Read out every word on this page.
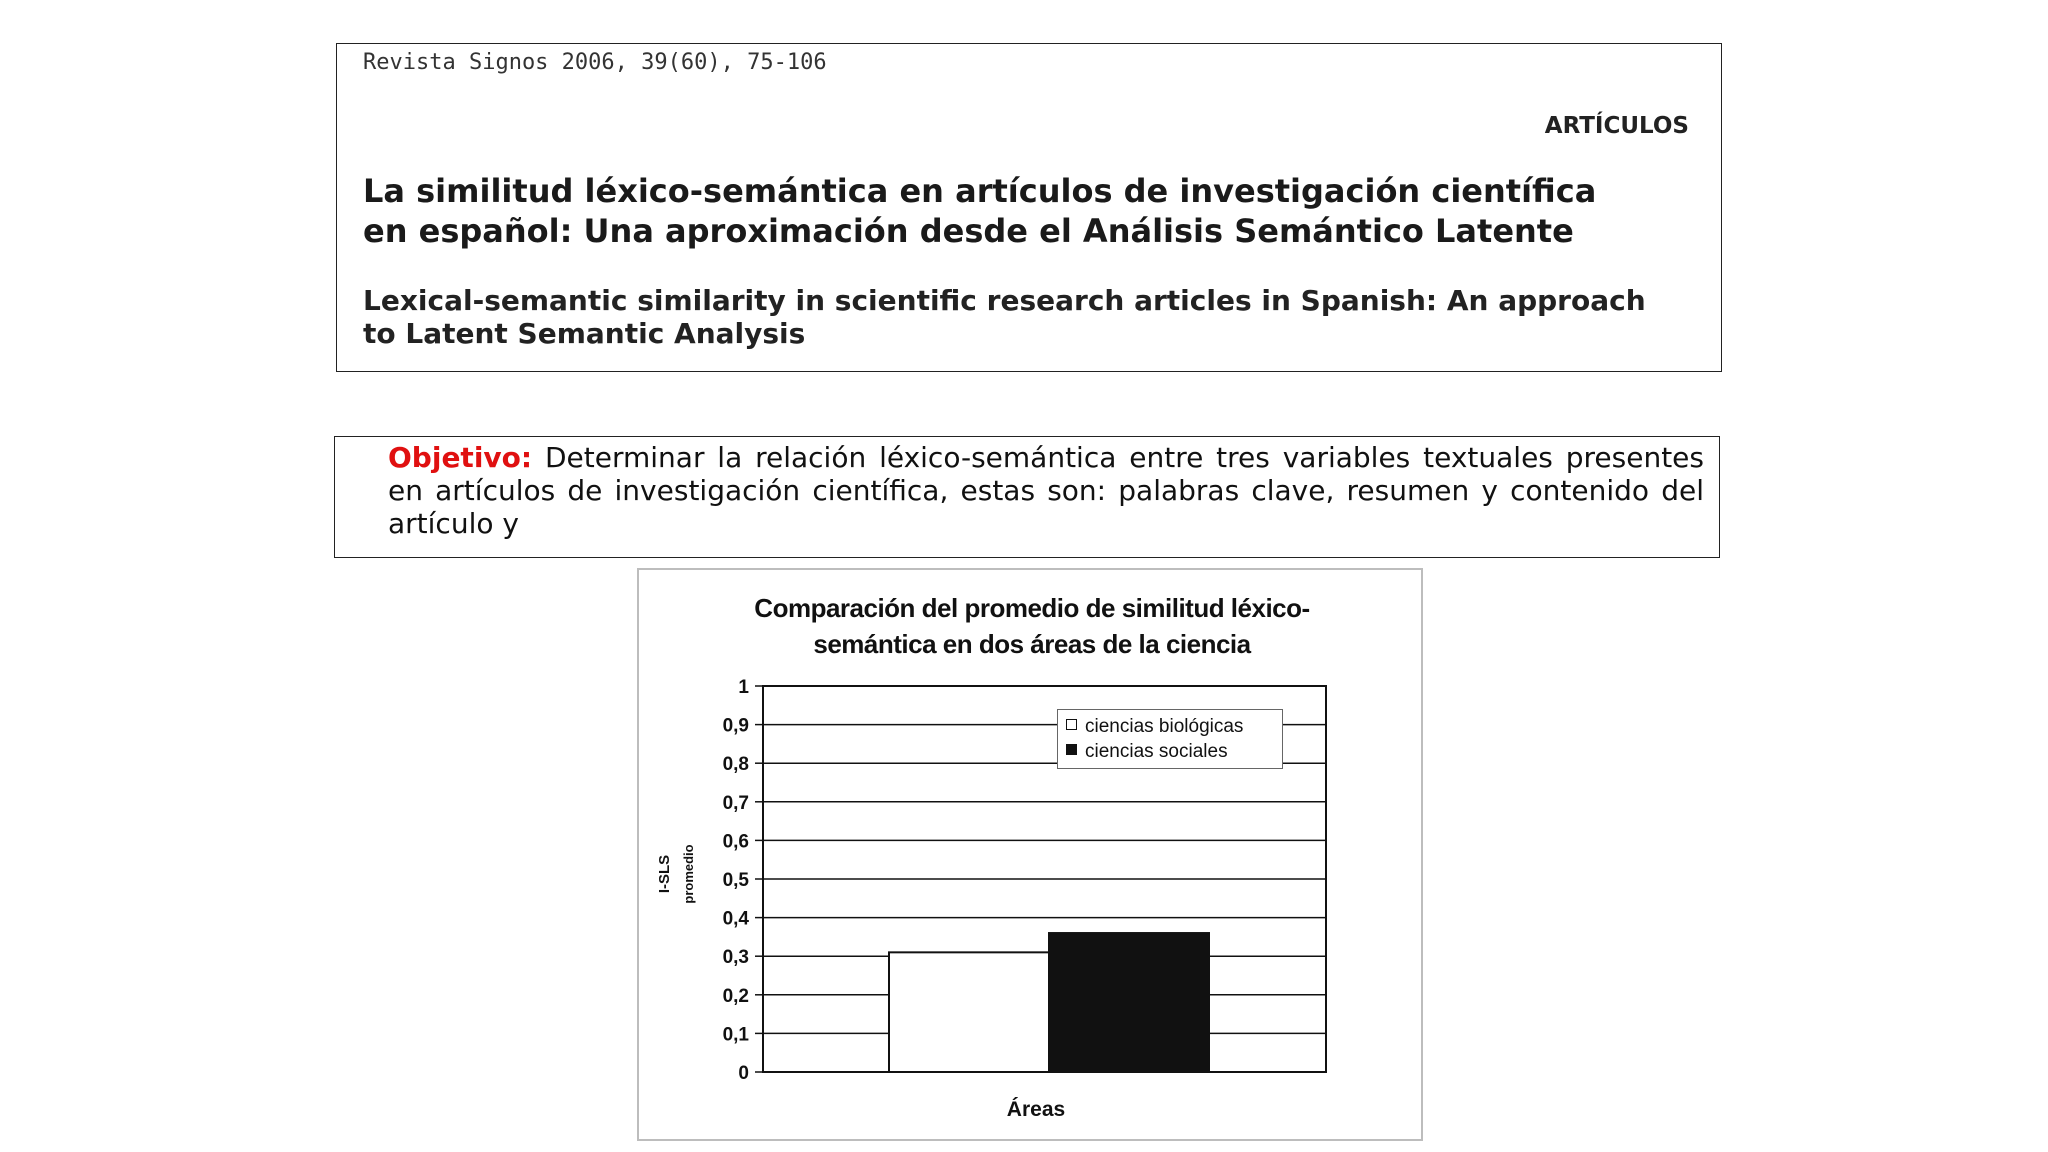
Revista Signos 2006, 39(60), 75-106
ARTÍCULOS
La similitud léxico-semántica en artículos de investigación científica
en español: Una aproximación desde el Análisis Semántico Latente
Lexical-semantic similarity in scientific research articles in Spanish: An approach
to Latent Semantic Analysis
Objetivo: Determinar la relación léxico-semántica entre tres variables textuales presentes en artículos de investigación científica, estas son: palabras clave, resumen y contenido del artículo y
Comparación del promedio de similitud léxico-
semántica en dos áreas de la ciencia
0
0,1
0,2
0,3
0,4
0,5
0,6
0,7
0,8
0,9
1
Áreas
I-SLS promedio
ciencias biológicas
ciencias sociales
